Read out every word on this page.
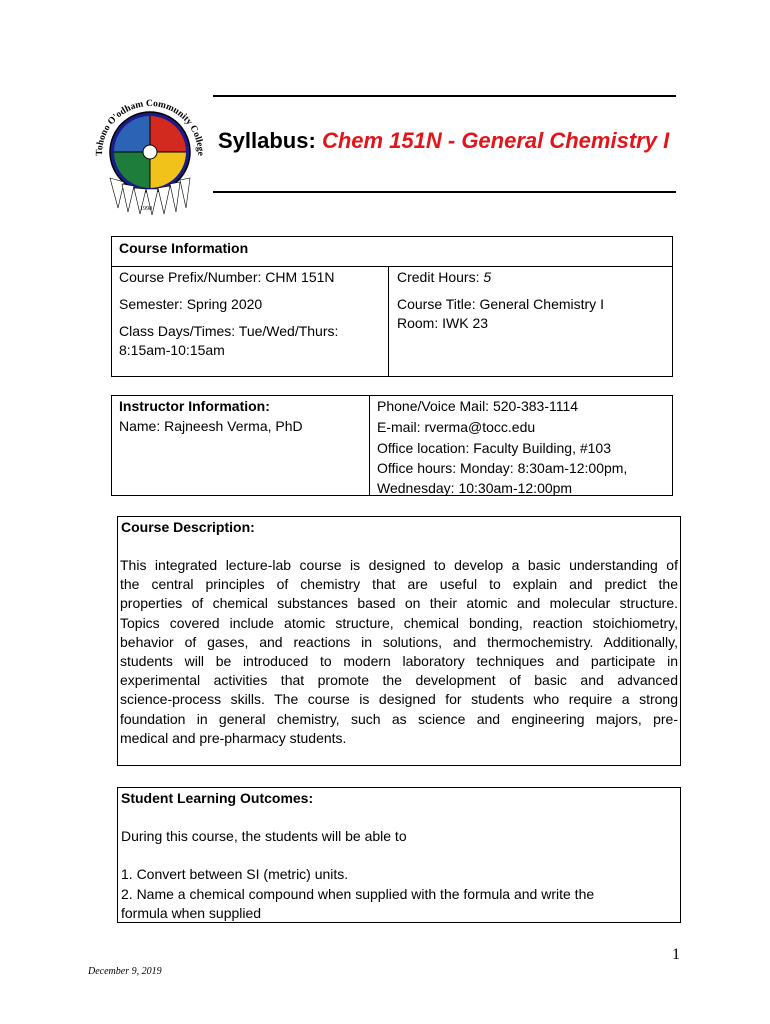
Tohono O'odham Community College
1998
Syllabus: Chem 151N - General Chemistry I
Course Information
Course Prefix/Number: CHM 151N	Credit Hours: 5
Semester: Spring 2020	Course Title: General Chemistry I
Room: IWK 23
Class Days/Times: Tue/Wed/Thurs:
8:15am-10:15am
Instructor Information:
Name: Rajneesh Verma, PhD
Phone/Voice Mail: 520-383-1114
E-mail: rverma@tocc.edu
Office location: Faculty Building, #103
Office hours: Monday: 8:30am-12:00pm,
Wednesday: 10:30am-12:00pm
Course Description:
This integrated lecture-lab course is designed to develop a basic understanding of
the central principles of chemistry that are useful to explain and predict the
properties of chemical substances based on their atomic and molecular structure.
Topics covered include atomic structure, chemical bonding, reaction stoichiometry,
behavior of gases, and reactions in solutions, and thermochemistry. Additionally,
students will be introduced to modern laboratory techniques and participate in
experimental activities that promote the development of basic and advanced
science-process skills. The course is designed for students who require a strong
foundation in general chemistry, such as science and engineering majors, pre-
medical and pre-pharmacy students.
Student Learning Outcomes:
During this course, the students will be able to
1. Convert between SI (metric) units.
2. Name a chemical compound when supplied with the formula and write the
formula when supplied
1
December 9, 2019
